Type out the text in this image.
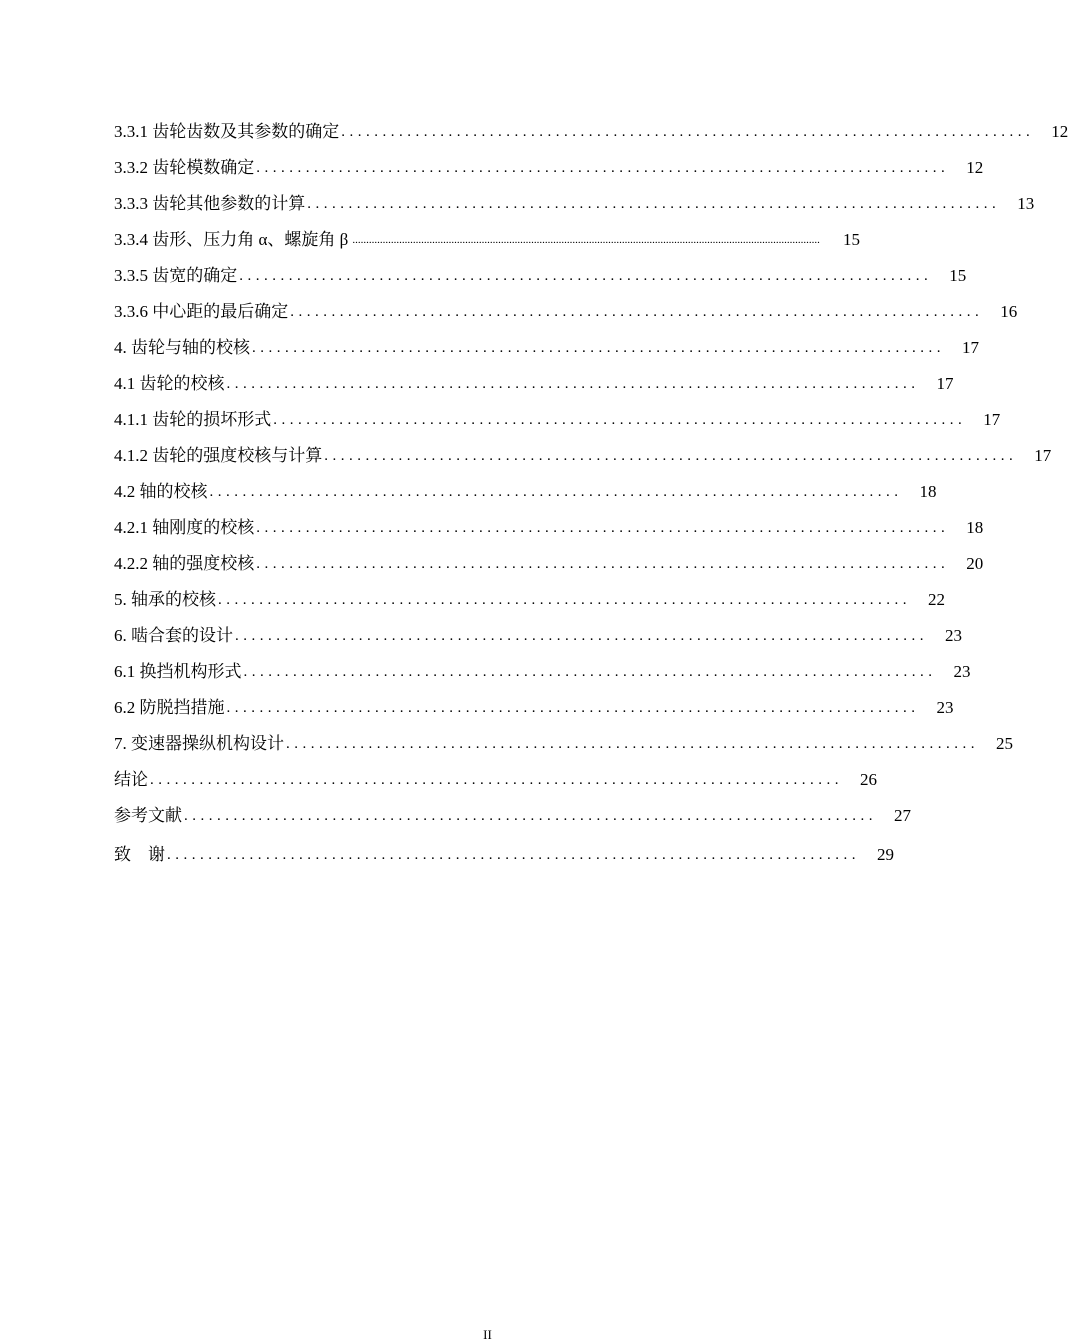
3.3.1 齿轮齿数及其参数的确定 ....................................................................................	12
3.3.2 齿轮模数确定 ....................................................................................	12
3.3.3 齿轮其他参数的计算 ....................................................................................	13
3.3.4 齿形、压力角 α、螺旋角 β ..........................................................................................................................................................................	15
3.3.5 齿宽的确定 ....................................................................................	15
3.3.6 中心距的最后确定 ....................................................................................	16
4. 齿轮与轴的校核 ....................................................................................	17
4.1 齿轮的校核 ....................................................................................	17
4.1.1 齿轮的损坏形式 ....................................................................................	17
4.1.2 齿轮的强度校核与计算 ....................................................................................	17
4.2 轴的校核 ....................................................................................	18
4.2.1 轴刚度的校核 ....................................................................................	18
4.2.2 轴的强度校核 ....................................................................................	20
5. 轴承的校核 ....................................................................................	22
6. 啮合套的设计 ....................................................................................	23
6.1 换挡机构形式 ....................................................................................	23
6.2 防脱挡措施 ....................................................................................	23
7. 变速器操纵机构设计 ....................................................................................	25
结论 ....................................................................................	26
参考文献 ....................................................................................	27
致    谢 ....................................................................................	29
II
